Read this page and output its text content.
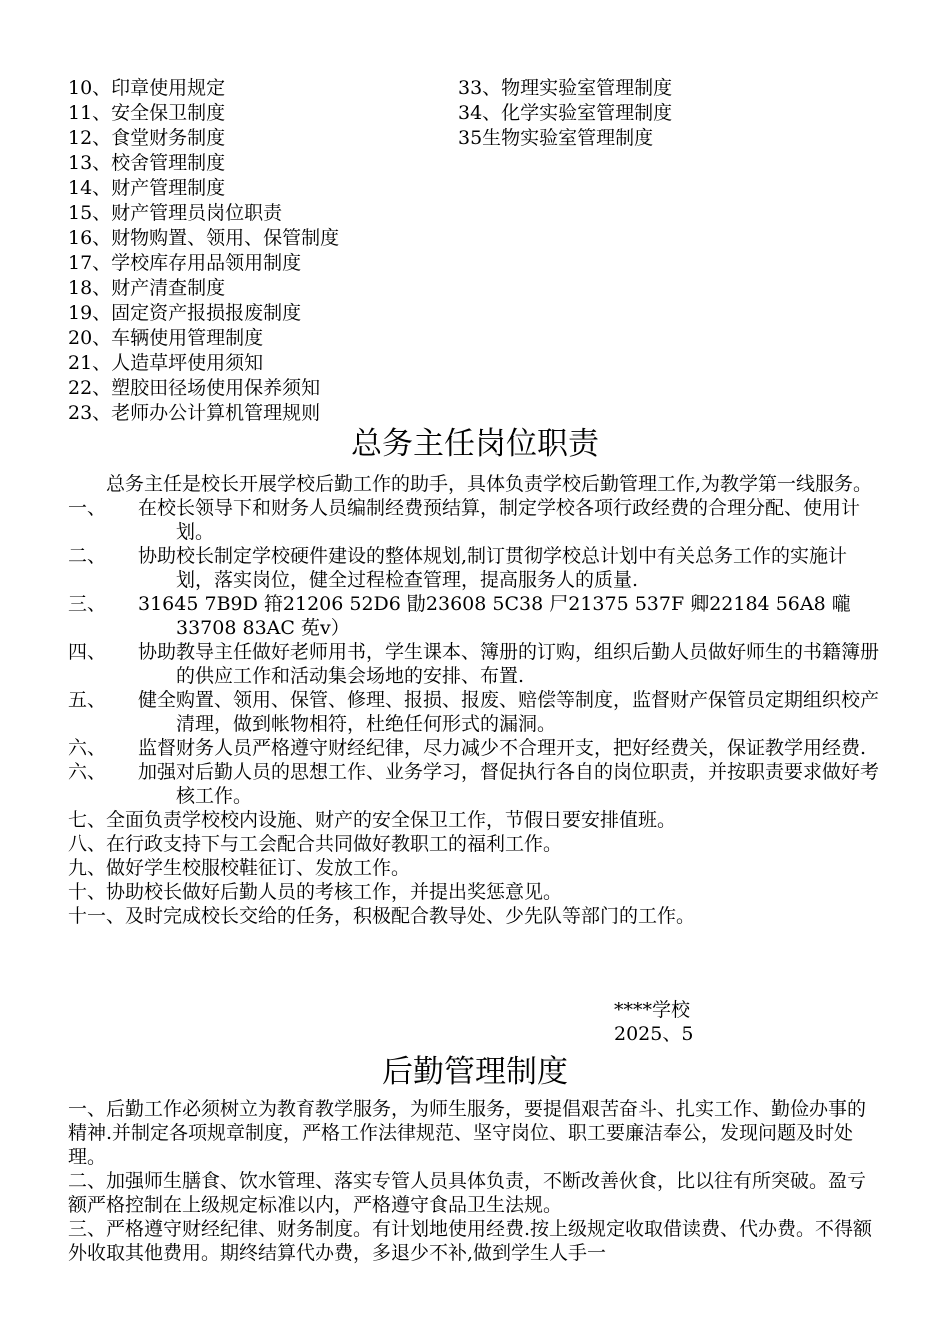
10、印章使用规定
11、安全保卫制度
12、食堂财务制度
13、校舍管理制度
14、财产管理制度
15、财产管理员岗位职责
16、财物购置、领用、保管制度
17、学校库存用品领用制度
18、财产清查制度
19、固定资产报损报废制度
20、车辆使用管理制度
21、人造草坪使用须知
22、塑胶田径场使用保养须知
23、老师办公计算机管理规则
33、物理实验室管理制度
34、化学实验室管理制度
35生物实验室管理制度
总务主任岗位职责

总务主任是校长开展学校后勤工作的助手，具体负责学校后勤管理工作,为教学第一线服务。

一、	在校长领导下和财务人员编制经费预结算，制定学校各项行政经费的合理分配、使用计划。
二、	协助校长制定学校硬件建设的整体规划,制订贯彻学校总计划中有关总务工作的实施计划，落实岗位，健全过程检查管理，提高服务人的质量.
三、	31645 7B9D 箝21206 52D6 勖23608 5C38 尸21375 537F 卿22184 56A8 嚨33708 83AC 莬v）
四、	协助教导主任做好老师用书，学生课本、簿册的订购，组织后勤人员做好师生的书籍簿册的供应工作和活动集会场地的安排、布置.
五、	健全购置、领用、保管、修理、报损、报废、赔偿等制度，监督财产保管员定期组织校产清理，做到帐物相符，杜绝任何形式的漏洞。
六、	监督财务人员严格遵守财经纪律，尽力减少不合理开支，把好经费关，保证教学用经费.
六、	加强对后勤人员的思想工作、业务学习，督促执行各自的岗位职责，并按职责要求做好考核工作。

七、全面负责学校校内设施、财产的安全保卫工作，节假日要安排值班。

八、在行政支持下与工会配合共同做好教职工的福利工作。

九、做好学生校服校鞋征订、发放工作。

十、协助校长做好后勤人员的考核工作，并提出奖惩意见。

十一、及时完成校长交给的任务，积极配合教导处、少先队等部门的工作。

****学校
2025、5
后勤管理制度

一、后勤工作必须树立为教育教学服务，为师生服务，要提倡艰苦奋斗、扎实工作、勤俭办事的精神.并制定各项规章制度，严格工作法律规范、坚守岗位、职工要廉洁奉公，发现问题及时处理。

二、加强师生膳食、饮水管理、落实专管人员具体负责，不断改善伙食，比以往有所突破。盈亏额严格控制在上级规定标准以内，严格遵守食品卫生法规。

三、严格遵守财经纪律、财务制度。有计划地使用经费.按上级规定收取借读费、代办费。不得额外收取其他费用。期终结算代办费，多退少不补,做到学生人手一
